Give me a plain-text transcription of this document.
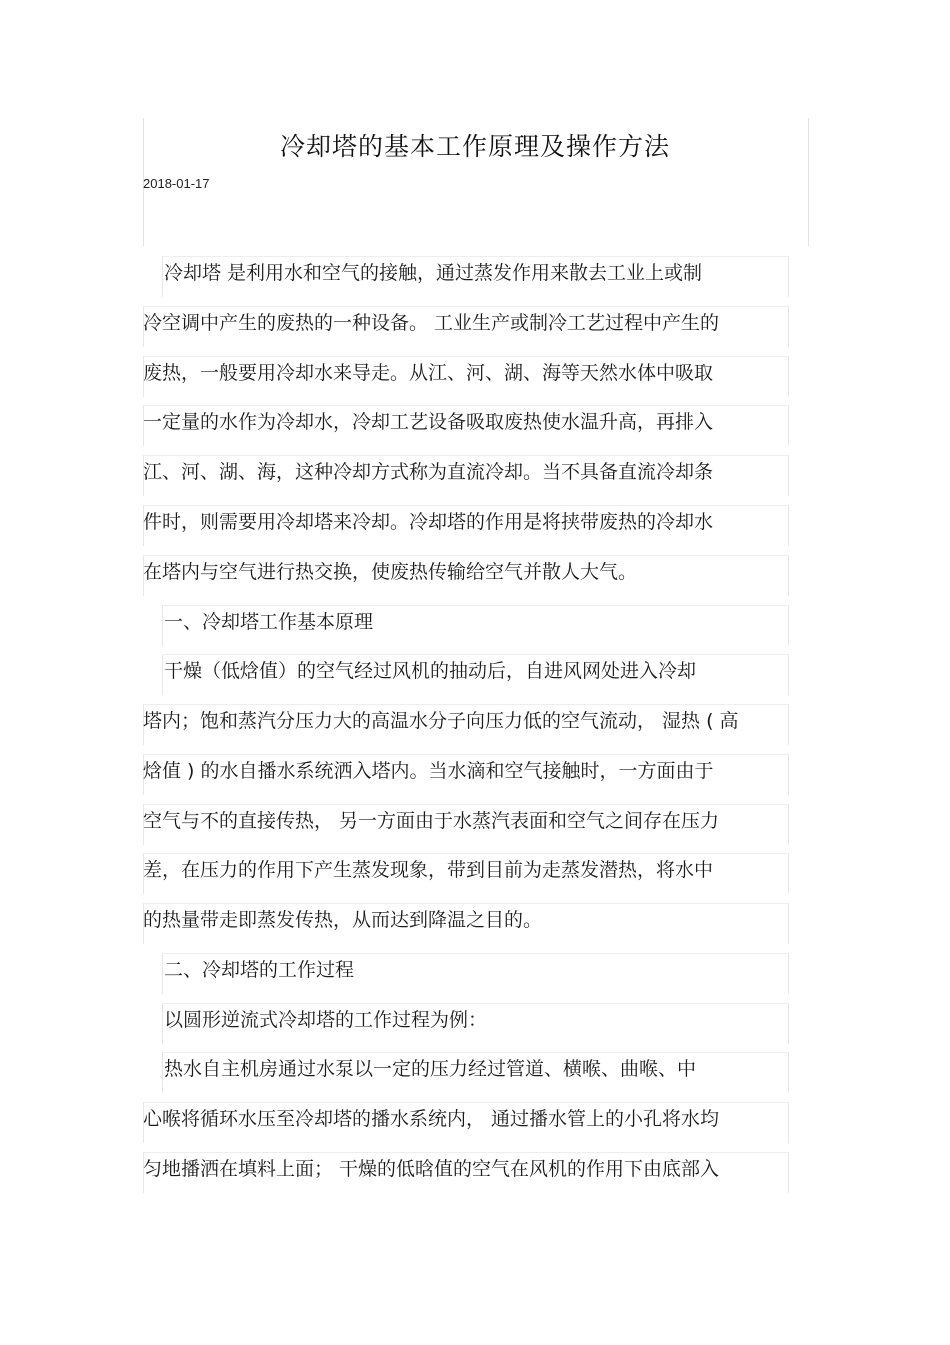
冷却塔的基本工作原理及操作方法
2018-01-17
冷却塔 是利用水和空气的接触，通过蒸发作用来散去工业上或制
冷空调中产生的废热的一种设备。 工业生产或制冷工艺过程中产生的
废热，一般要用冷却水来导走。从江、河、湖、海等天然水体中吸取
一定量的水作为冷却水，冷却工艺设备吸取废热使水温升高，再排入
江、河、湖、海，这种冷却方式称为直流冷却。当不具备直流冷却条
件时，则需要用冷却塔来冷却。冷却塔的作用是将挟带废热的冷却水
在塔内与空气进行热交换，使废热传输给空气并散人大气。
一、冷却塔工作基本原理
干燥（低焓值）的空气经过风机的抽动后，自进风网处进入冷却
塔内；饱和蒸汽分压力大的高温水分子向压力低的空气流动， 湿热 ( 高
焓值 ) 的水自播水系统洒入塔内。当水滴和空气接触时，一方面由于
空气与不的直接传热， 另一方面由于水蒸汽表面和空气之间存在压力
差，在压力的作用下产生蒸发现象，带到目前为走蒸发潜热，将水中
的热量带走即蒸发传热，从而达到降温之目的。
二、冷却塔的工作过程
以圆形逆流式冷却塔的工作过程为例：
热水自主机房通过水泵以一定的压力经过管道、横喉、曲喉、中
心喉将循环水压至冷却塔的播水系统内， 通过播水管上的小孔将水均
匀地播洒在填料上面； 干燥的低晗值的空气在风机的作用下由底部入
